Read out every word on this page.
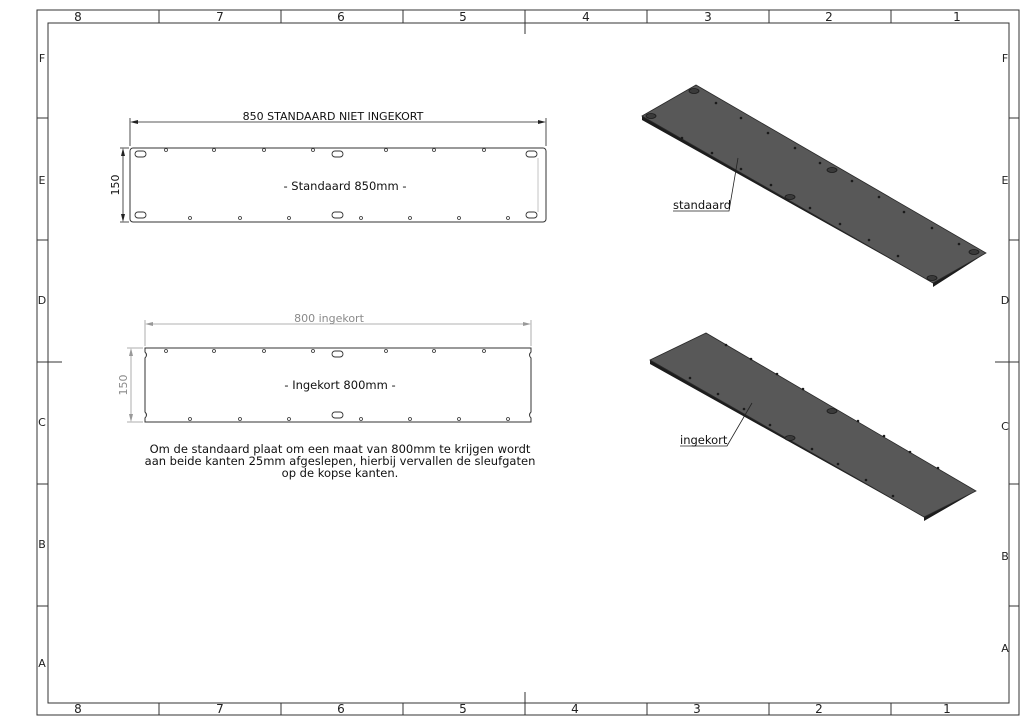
8	7	6	5	4	3	2	1
8	7	6	5	4	3	2	1
F
E
D
C
B
A
F
E
D
C
B
A
850 STANDAARD NIET INGEKORT
150	- Standaard 850mm -
800 ingekort
150	- Ingekort 800mm -
standaard
ingekort
Om de standaard plaat om een maat van 800mm te krijgen wordt
aan beide kanten 25mm afgeslepen, hierbij vervallen de sleufgaten
op de kopse kanten.
